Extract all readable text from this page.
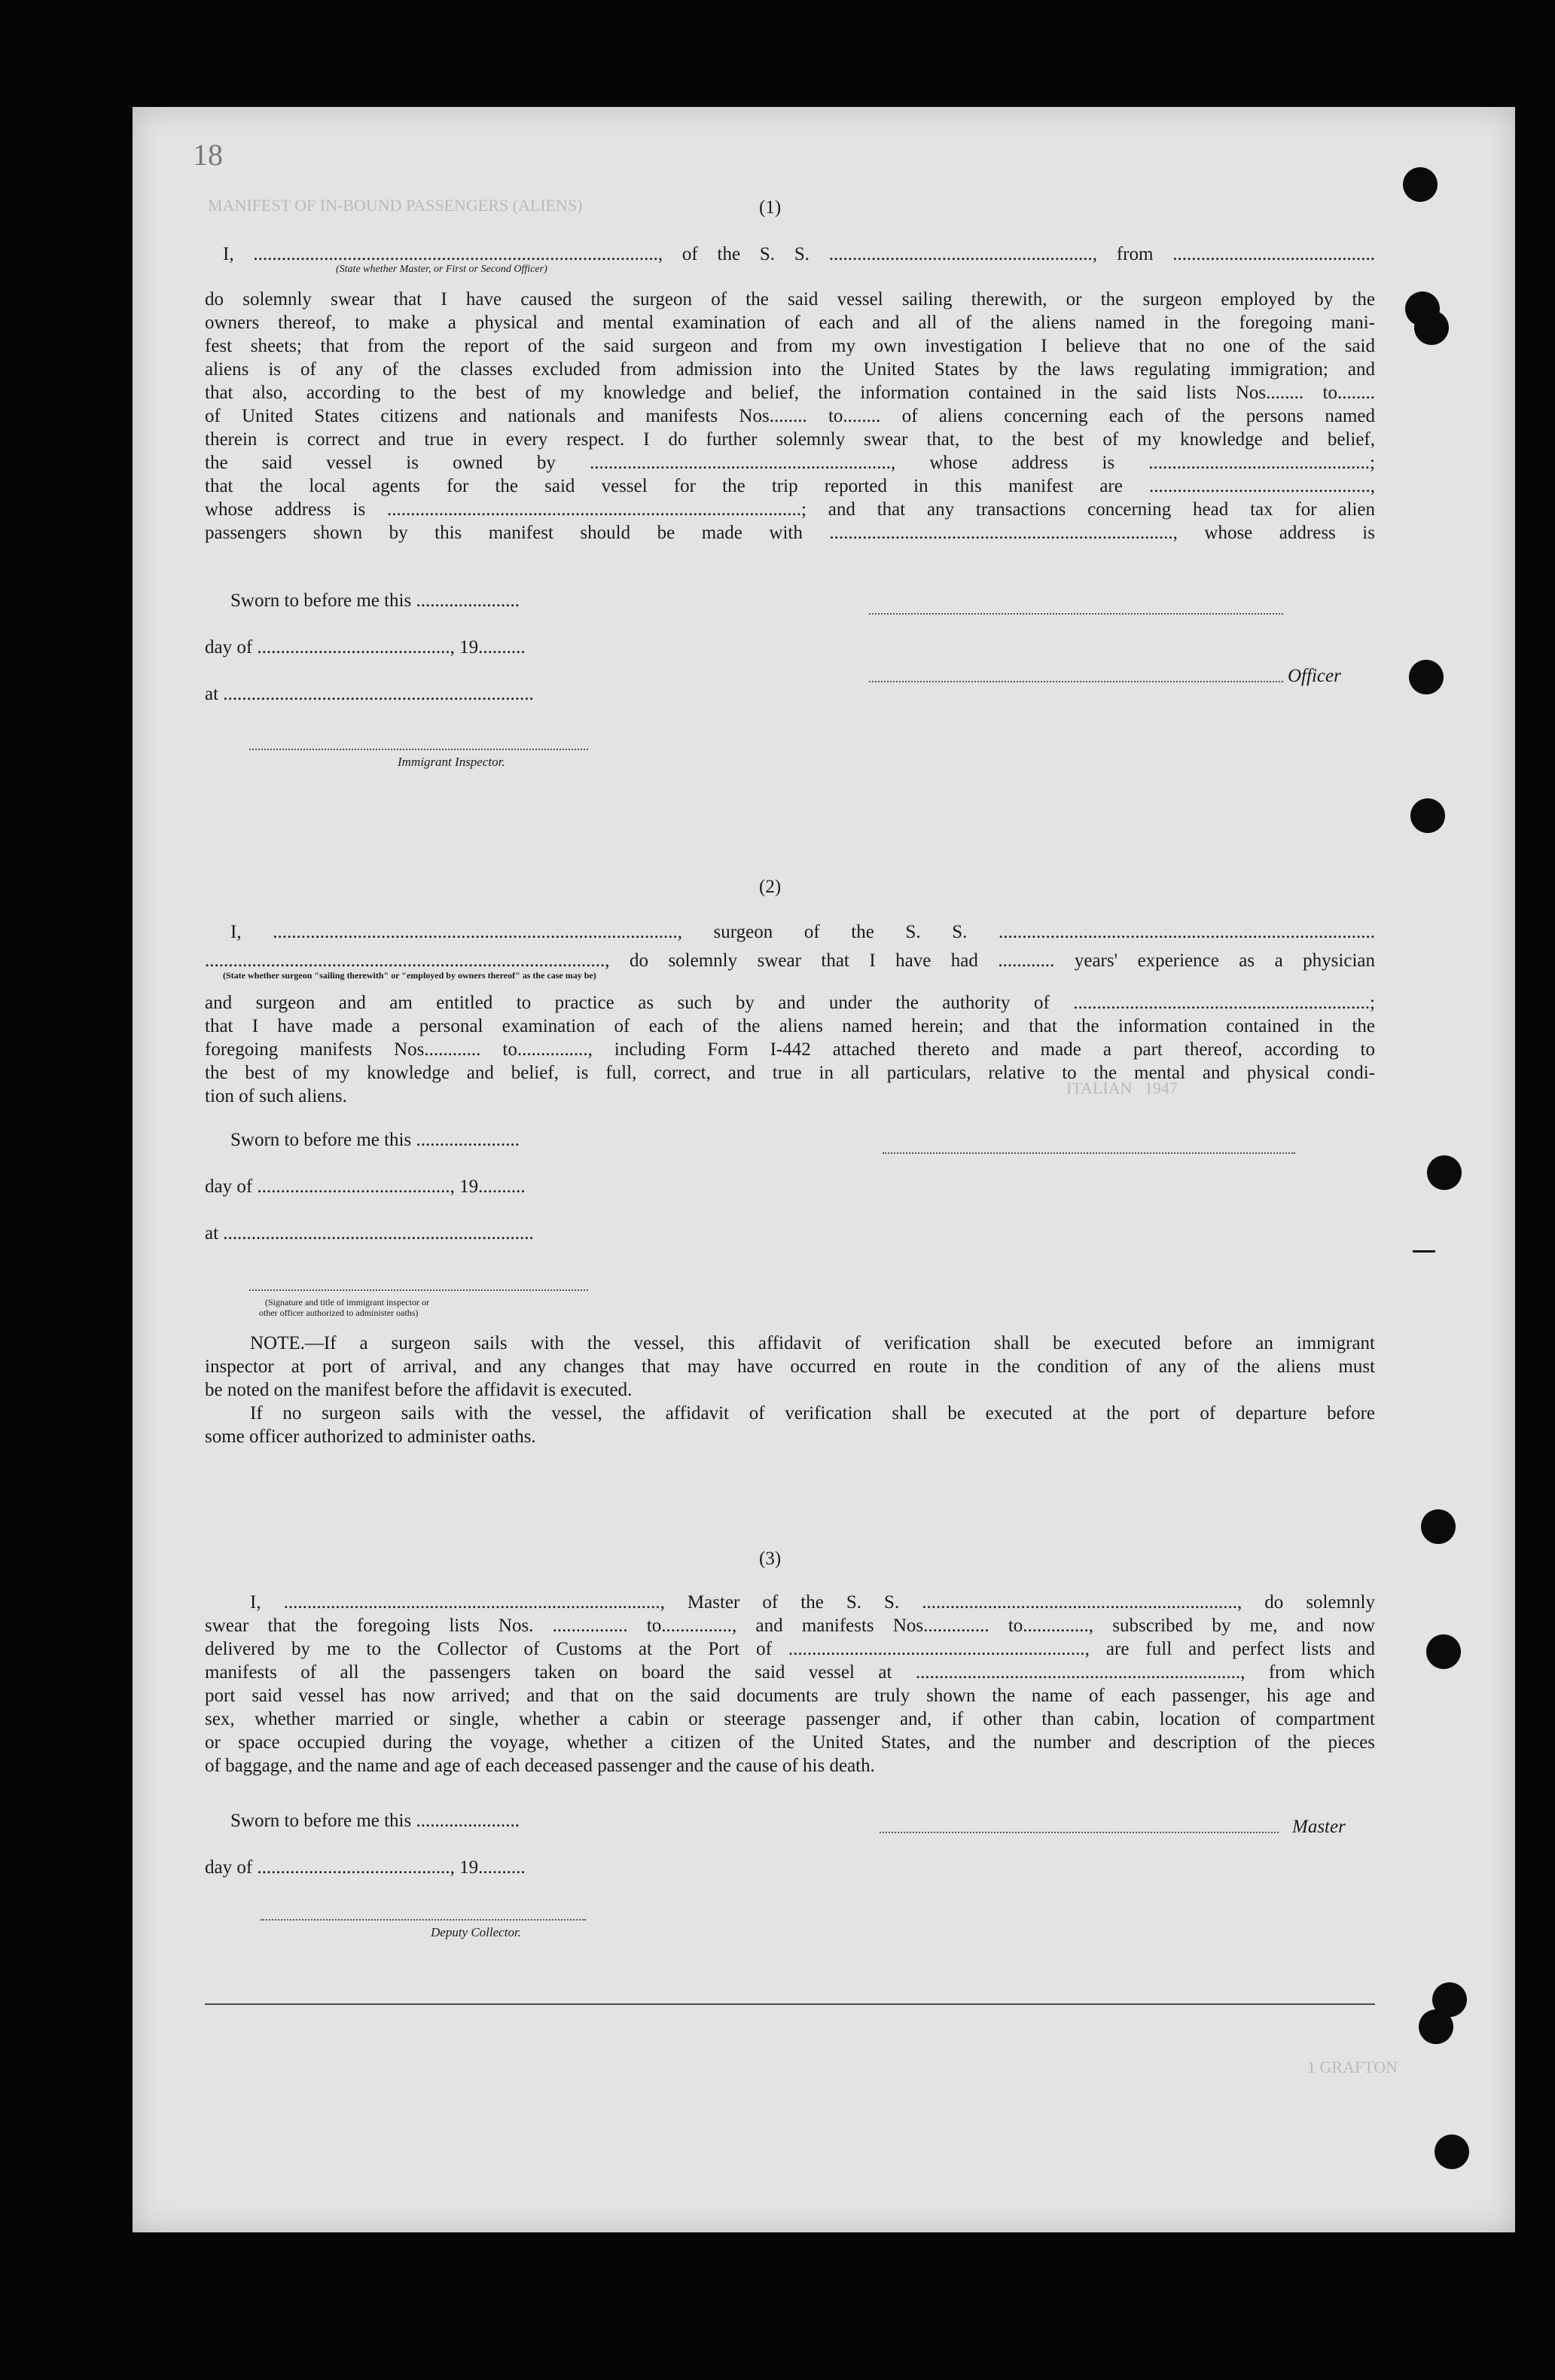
MANIFEST OF IN-BOUND PASSENGERS (ALIENS)
ITALIAN   1947
1 GRAFTON
18
(1)
I, ......................................................................................, of the S. S. ........................................................, from ...........................................
(State whether Master, or First or Second Officer)
do solemnly swear that I have caused the surgeon of the said vessel sailing therewith, or the surgeon employed by the
owners thereof, to make a physical and mental examination of each and all of the aliens named in the foregoing mani-
fest sheets; that from the report of the said surgeon and from my own investigation I believe that no one of the said
aliens is of any of the classes excluded from admission into the United States by the laws regulating immigration; and
that also, according to the best of my knowledge and belief, the information contained in the said lists Nos........ to........
of United States citizens and nationals and manifests Nos........ to........ of aliens concerning each of the persons named
therein is correct and true in every respect. I do further solemnly swear that, to the best of my knowledge and belief,
the said vessel is owned by ................................................................, whose address is ...............................................;
that the local agents for the said vessel for the trip reported in this manifest are ...............................................,
whose address is ........................................................................................; and that any transactions concerning head tax for alien
passengers shown by this manifest should be made with ........................................................................., whose address is
Sworn to before me this ......................
day of ........................................., 19..........
at ..................................................................
Officer
Immigrant Inspector.
(2)
I, ......................................................................................, surgeon of the S. S. ................................................................................
....................................................................................., do solemnly swear that I have had ............ years' experience as a physician
(State whether surgeon "sailing therewith" or "employed by owners thereof" as the case may be)
and surgeon and am entitled to practice as such by and under the authority of ...............................................................;
that I have made a personal examination of each of the aliens named herein; and that the information contained in the
foregoing manifests Nos............ to..............., including Form I-442 attached thereto and made a part thereof, according to
the best of my knowledge and belief, is full, correct, and true in all particulars, relative to the mental and physical condi-
tion of such aliens.
Sworn to before me this ......................
day of ........................................., 19..........
at ..................................................................
(Signature and title of immigrant inspector or
other officer authorized to administer oaths)
NOTE.—If a surgeon sails with the vessel, this affidavit of verification shall be executed before an immigrant
inspector at port of arrival, and any changes that may have occurred en route in the condition of any of the aliens must
be noted on the manifest before the affidavit is executed.
If no surgeon sails with the vessel, the affidavit of verification shall be executed at the port of departure before
some officer authorized to administer oaths.
(3)
I, ................................................................................, Master of the S. S. ..................................................................., do solemnly
swear that the foregoing lists Nos. ................ to..............., and manifests Nos.............. to.............., subscribed by me, and now
delivered by me to the Collector of Customs at the Port of ..............................................................., are full and perfect lists and
manifests of all the passengers taken on board the said vessel at ....................................................................., from which
port said vessel has now arrived; and that on the said documents are truly shown the name of each passenger, his age and
sex, whether married or single, whether a cabin or steerage passenger and, if other than cabin, location of compartment
or space occupied during the voyage, whether a citizen of the United States, and the number and description of the pieces
of baggage, and the name and age of each deceased passenger and the cause of his death.
Sworn to before me this ......................	Master
day of ........................................., 19..........
Deputy Collector.
